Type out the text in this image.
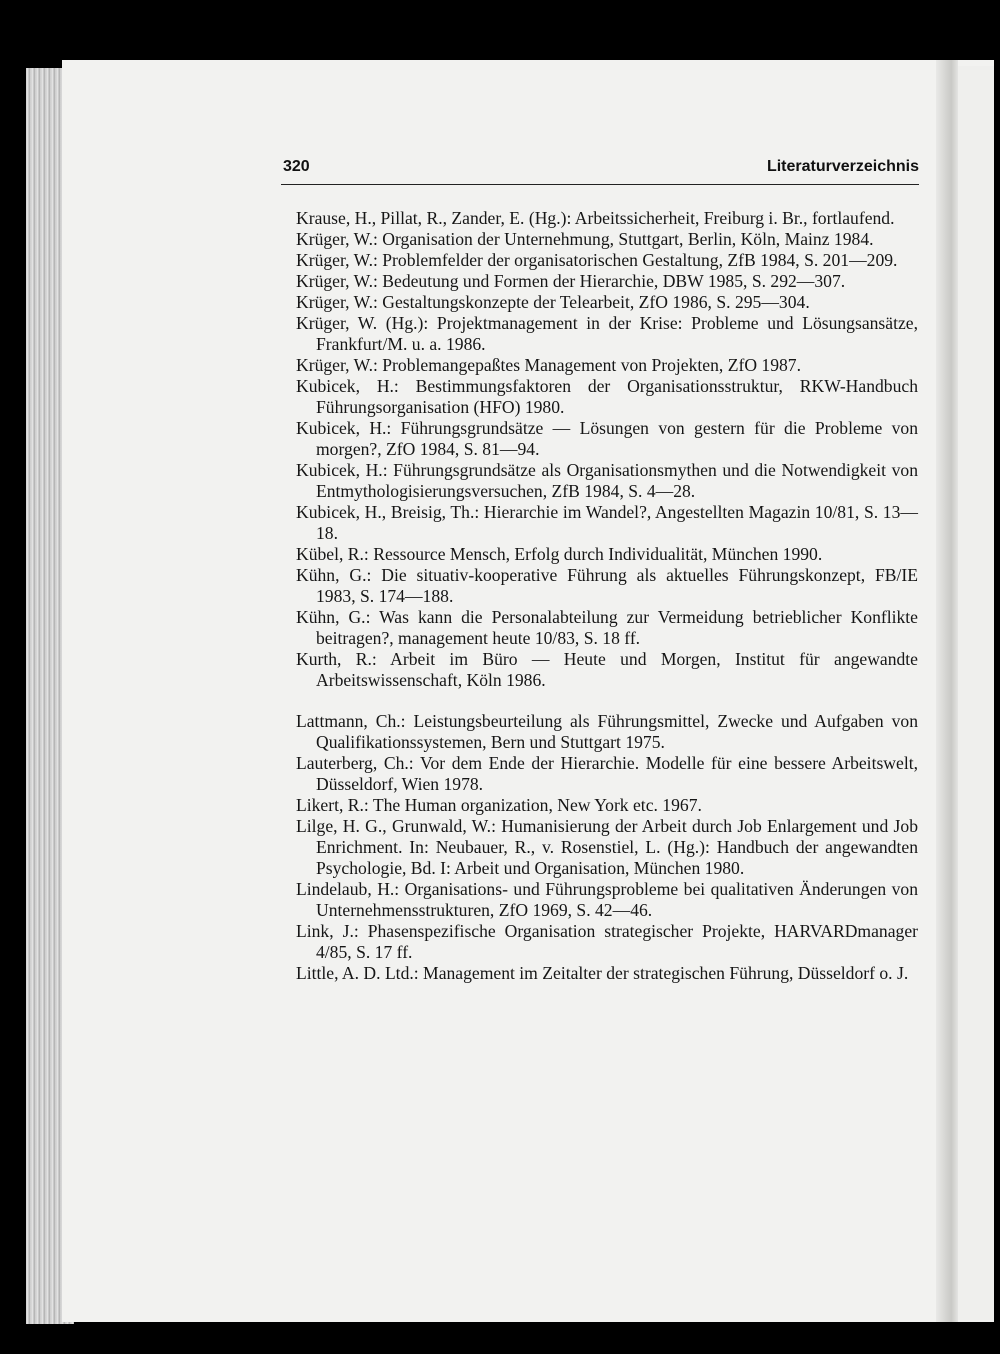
320	Literaturverzeichnis

Krause, H., Pillat, R., Zander, E. (Hg.): Arbeitssicherheit, Freiburg i. Br., fortlaufend.

Krüger, W.: Organisation der Unternehmung, Stuttgart, Berlin, Köln, Mainz 1984.

Krüger, W.: Problemfelder der organisatorischen Gestaltung, ZfB 1984, S. 201—209.

Krüger, W.: Bedeutung und Formen der Hierarchie, DBW 1985, S. 292—307.

Krüger, W.: Gestaltungskonzepte der Telearbeit, ZfO 1986, S. 295—304.

Krüger, W. (Hg.): Projektmanagement in der Krise: Probleme und Lösungsansätze, Frankfurt/M. u. a. 1986.

Krüger, W.: Problemangepaßtes Management von Projekten, ZfO 1987.

Kubicek, H.: Bestimmungsfaktoren der Organisationsstruktur, RKW-Handbuch Führungsorganisation (HFO) 1980.

Kubicek, H.: Führungsgrundsätze — Lösungen von gestern für die Probleme von morgen?, ZfO 1984, S. 81—94.

Kubicek, H.: Führungsgrundsätze als Organisationsmythen und die Notwendigkeit von Entmythologisierungsversuchen, ZfB 1984, S. 4—28.

Kubicek, H., Breisig, Th.: Hierarchie im Wandel?, Angestellten Magazin 10/81, S. 13—18.

Kübel, R.: Ressource Mensch, Erfolg durch Individualität, München 1990.

Kühn, G.: Die situativ-kooperative Führung als aktuelles Führungskonzept, FB/IE 1983, S. 174—188.

Kühn, G.: Was kann die Personalabteilung zur Vermeidung betrieblicher Konflikte beitragen?, management heute 10/83, S. 18 ff.

Kurth, R.: Arbeit im Büro — Heute und Morgen, Institut für angewandte Arbeitswissenschaft, Köln 1986.

Lattmann, Ch.: Leistungsbeurteilung als Führungsmittel, Zwecke und Aufgaben von Qualifikationssystemen, Bern und Stuttgart 1975.

Lauterberg, Ch.: Vor dem Ende der Hierarchie. Modelle für eine bessere Arbeitswelt, Düsseldorf, Wien 1978.

Likert, R.: The Human organization, New York etc. 1967.

Lilge, H. G., Grunwald, W.: Humanisierung der Arbeit durch Job Enlargement und Job Enrichment. In: Neubauer, R., v. Rosenstiel, L. (Hg.): Handbuch der angewandten Psychologie, Bd. I: Arbeit und Organisation, München 1980.

Lindelaub, H.: Organisations- und Führungsprobleme bei qualitativen Änderungen von Unternehmensstrukturen, ZfO 1969, S. 42—46.

Link, J.: Phasenspezifische Organisation strategischer Projekte, HARVARDmanager 4/85, S. 17 ff.

Little, A. D. Ltd.: Management im Zeitalter der strategischen Führung, Düsseldorf o. J.
